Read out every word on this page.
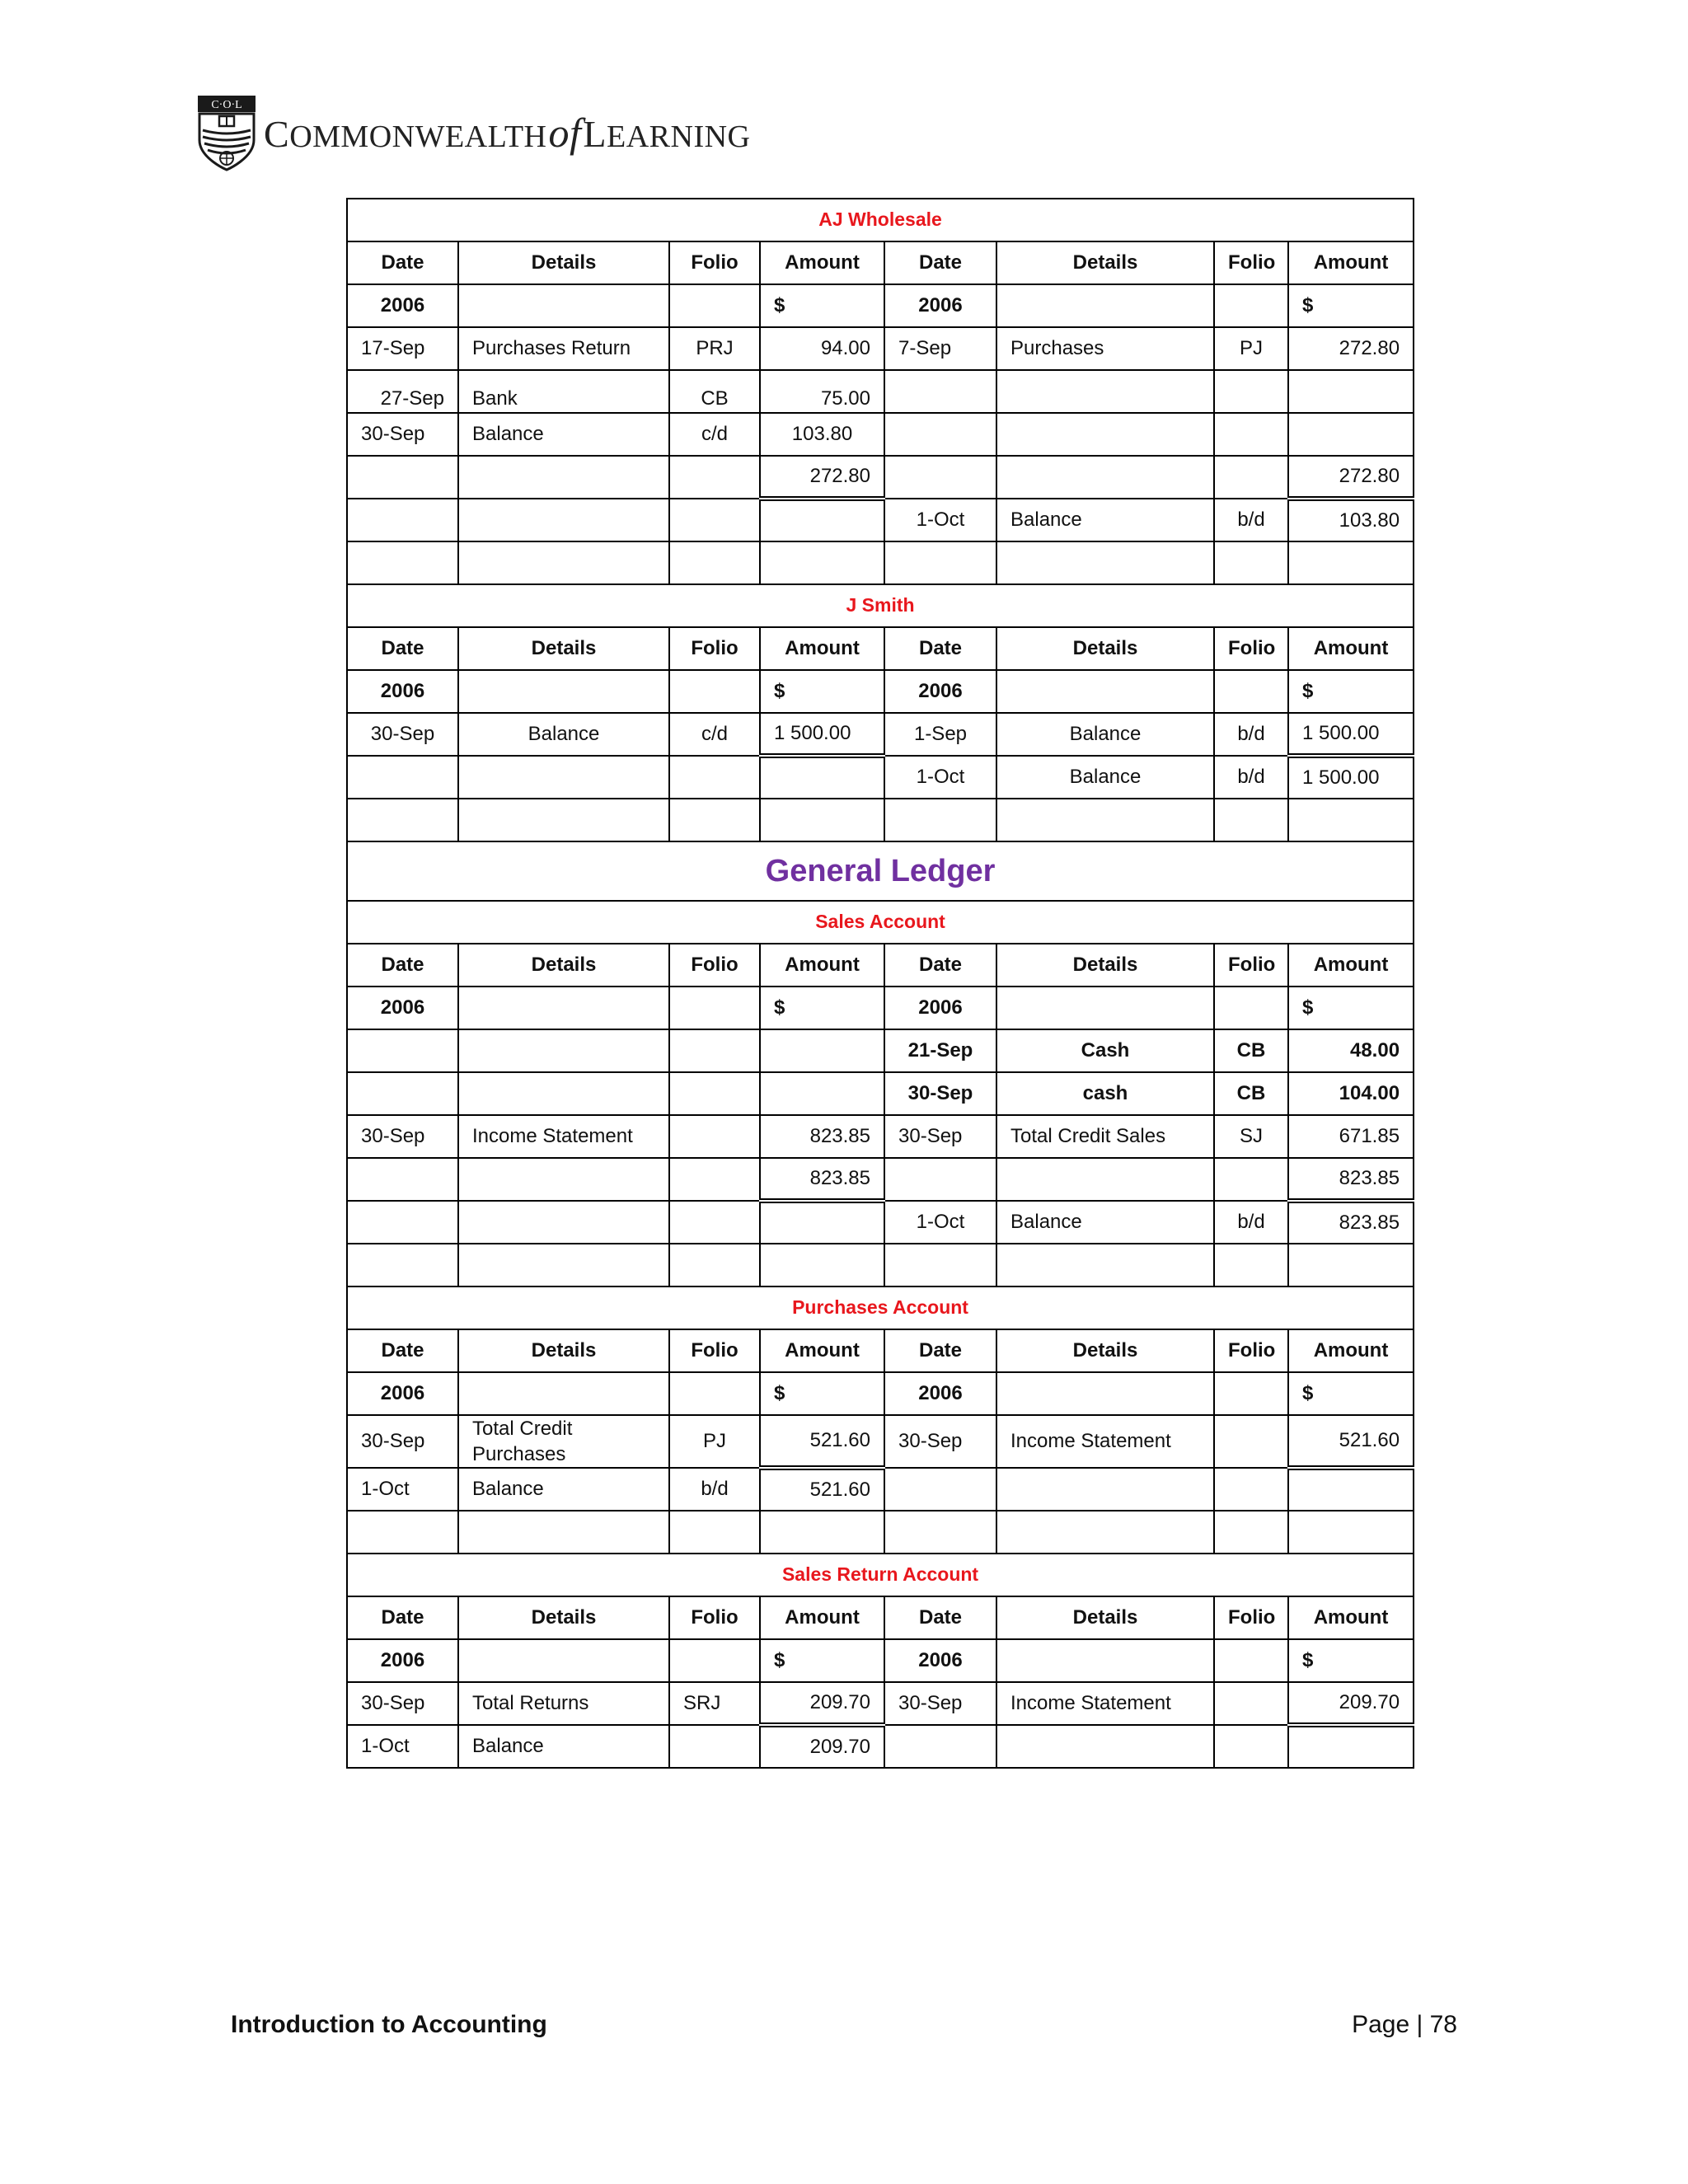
C·O·L
COMMONWEALTHofLEARNING
AJ Wholesale							
Date	Details	Folio	Amount	Date	Details	Folio	Amount
2006			$	2006			$
17-Sep	Purchases Return	PRJ	94.00	7-Sep	Purchases	PJ	272.80
27-Sep	Bank	CB	75.00				
30-Sep	Balance	c/d	103.80				
			272.80				272.80
				1-Oct	Balance	b/d	103.80

J Smith							
Date	Details	Folio	Amount	Date	Details	Folio	Amount
2006			$	2006			$
30-Sep	Balance	c/d	1 500.00	1-Sep	Balance	b/d	1 500.00
				1-Oct	Balance	b/d	1 500.00

General Ledger							
Sales Account							
Date	Details	Folio	Amount	Date	Details	Folio	Amount
2006			$	2006			$
				21-Sep	Cash	CB	48.00
				30-Sep	cash	CB	104.00
30-Sep	Income Statement		823.85	30-Sep	Total Credit Sales	SJ	671.85
			823.85				823.85
				1-Oct	Balance	b/d	823.85

Purchases Account							
Date	Details	Folio	Amount	Date	Details	Folio	Amount
2006			$	2006			$
30-Sep	Total Credit Purchases	PJ	521.60	30-Sep	Income Statement		521.60
1-Oct	Balance	b/d	521.60				

Sales Return Account							
Date	Details	Folio	Amount	Date	Details	Folio	Amount
2006			$	2006			$
30-Sep	Total Returns	SRJ	209.70	30-Sep	Income Statement		209.70
1-Oct	Balance		209.70				
Introduction to Accounting	Page | 78
